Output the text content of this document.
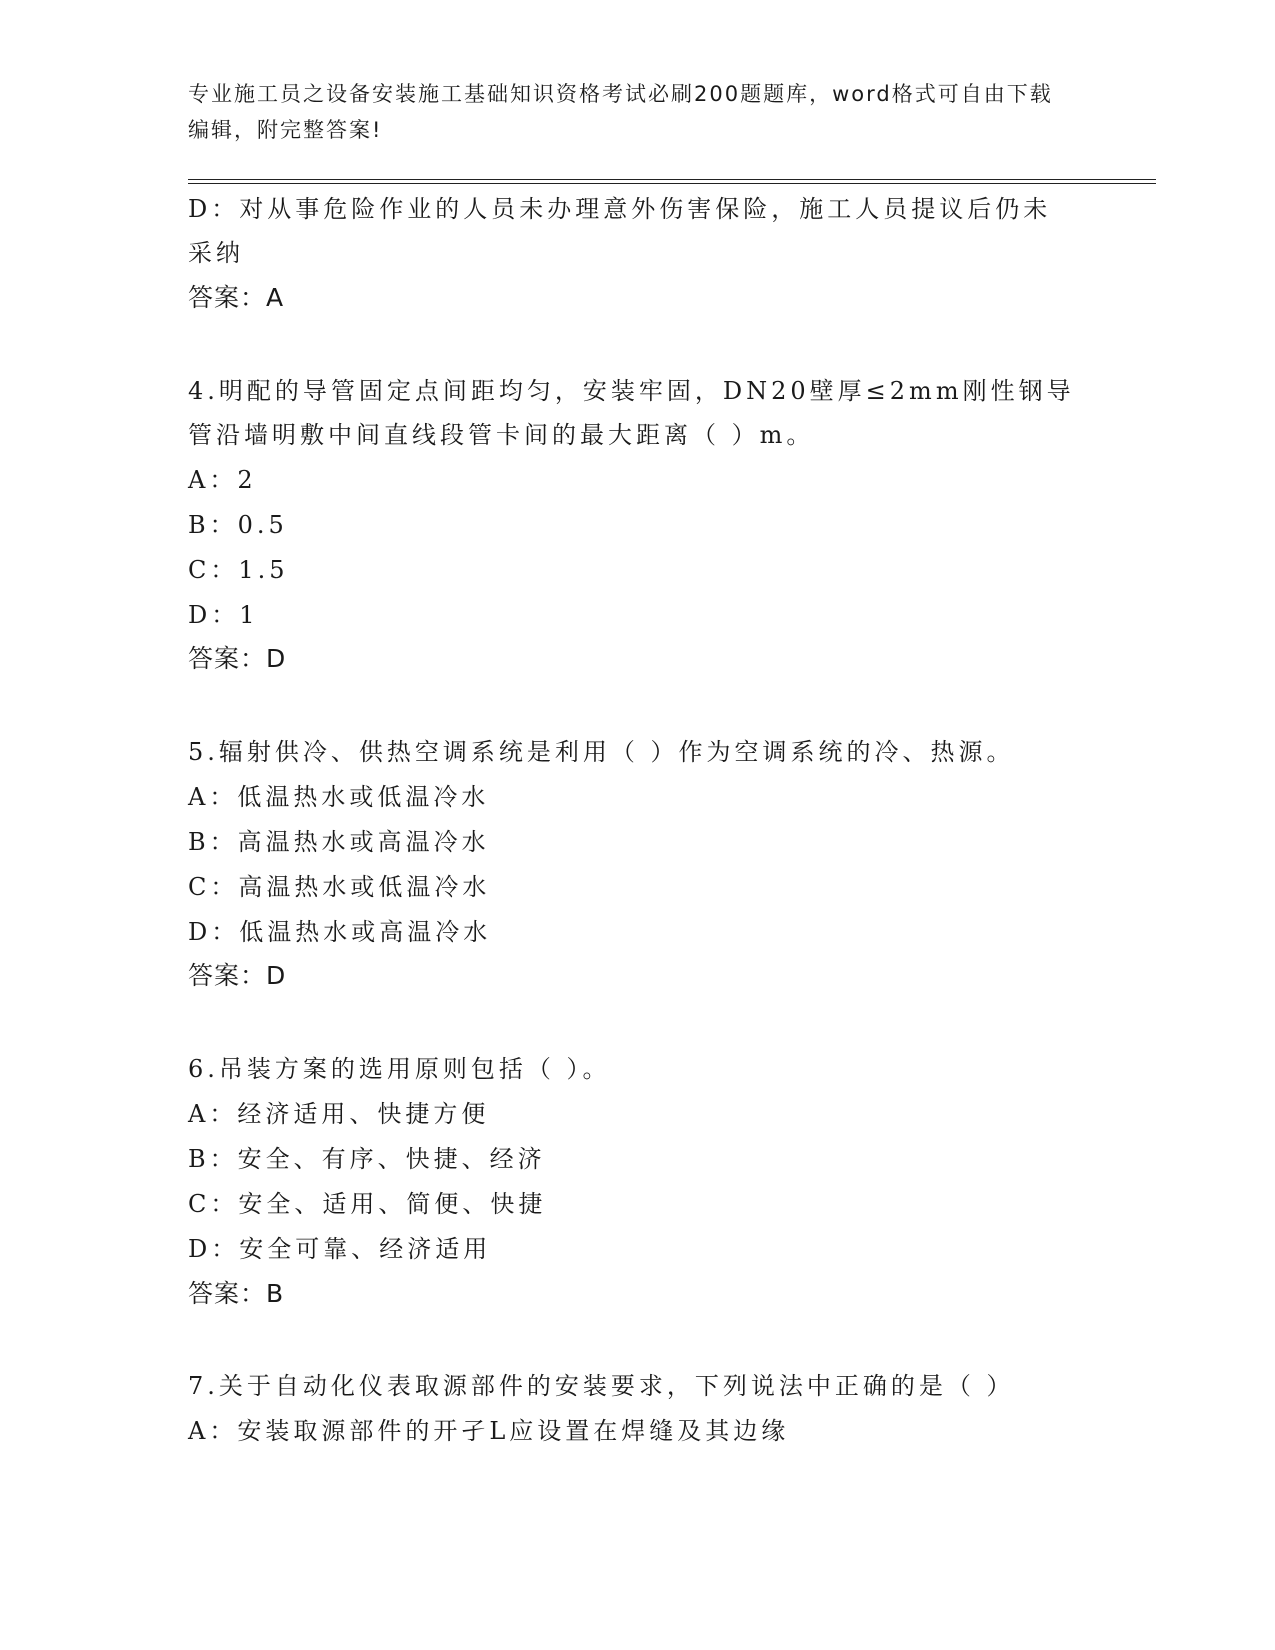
专业施工员之设备安装施工基础知识资格考试必刷200题题库，word格式可自由下载编辑，附完整答案!

D：对从事危险作业的人员未办理意外伤害保险，施工人员提议后仍未

采纳

答案：A

4.明配的导管固定点间距均匀，安装牢固，DN20壁厚≤2mm刚性钢导

管沿墙明敷中间直线段管卡间的最大距离（ ）m。

A：2

B：0.5

C：1.5

D：1

答案：D

5.辐射供冷、供热空调系统是利用（ ）作为空调系统的冷、热源。

A：低温热水或低温冷水

B：高温热水或高温冷水

C：高温热水或低温冷水

D：低温热水或高温冷水

答案：D

6.吊装方案的选用原则包括（ ）。

A：经济适用、快捷方便

B：安全、有序、快捷、经济

C：安全、适用、简便、快捷

D：安全可靠、经济适用

答案：B

7.关于自动化仪表取源部件的安装要求，下列说法中正确的是（ ）

A：安装取源部件的开孑L应设置在焊缝及其边缘
